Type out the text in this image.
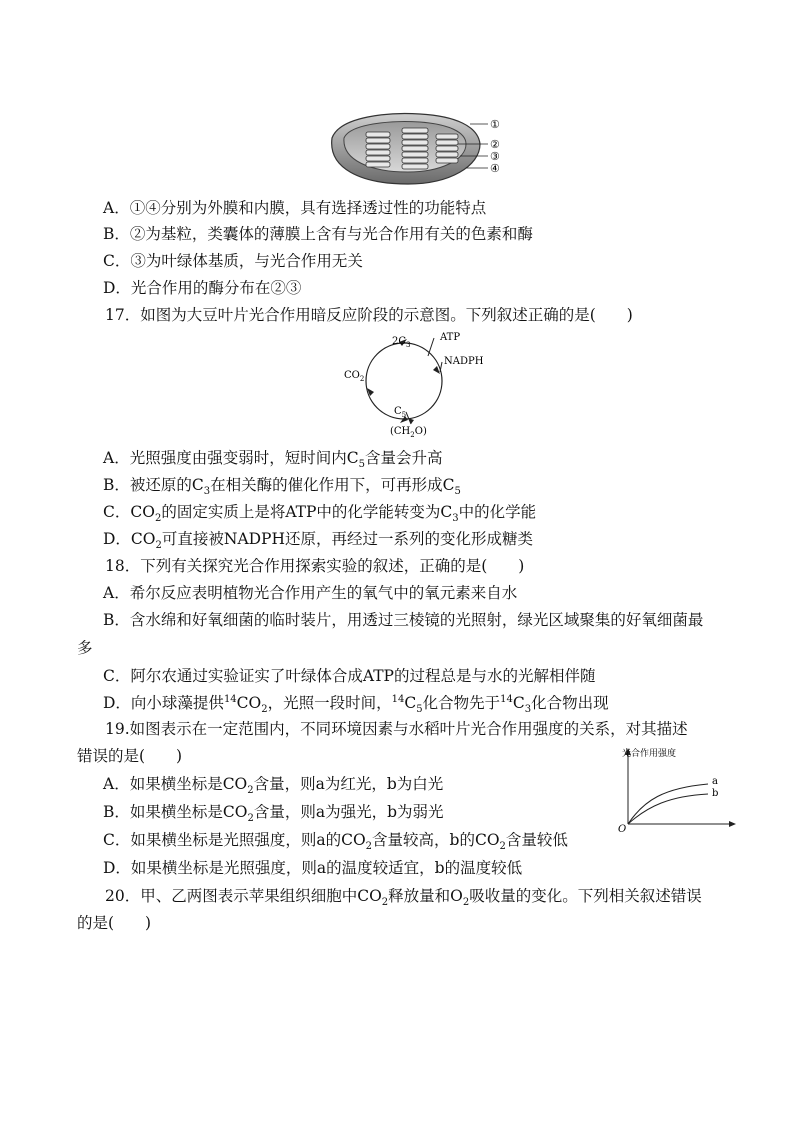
①
②
③
④
A．①④分别为外膜和内膜，具有选择透过性的功能特点
B．②为基粒，类囊体的薄膜上含有与光合作用有关的色素和酶
C．③为叶绿体基质，与光合作用无关
D．光合作用的酶分布在②③
17．如图为大豆叶片光合作用暗反应阶段的示意图。下列叙述正确的是(　　)
$2C_3$
ATP
NADPH
$CO_2$
$C_5$
$(CH_2O)$
A．光照强度由强变弱时，短时间内$C_5$含量会升高
B．被还原的$C_3$在相关酶的催化作用下，可再形成$C_5$
C．$CO_2$的固定实质上是将ATP中的化学能转变为$C_3$中的化学能
D．$CO_2$可直接被NADPH还原，再经过一系列的变化形成糖类
18．下列有关探究光合作用探索实验的叙述，正确的是(　　)
A．希尔反应表明植物光合作用产生的氧气中的氧元素来自水
B．含水绵和好氧细菌的临时装片，用透过三棱镜的光照射，绿光区域聚集的好氧细菌最
多
C．阿尔农通过实验证实了叶绿体合成ATP的过程总是与水的光解相伴随
D．向小球藻提供$^{14}CO_2$，光照一段时间，$^{14}C_5$化合物先于$^{14}C_3$化合物出现
19.如图表示在一定范围内，不同环境因素与水稻叶片光合作用强度的关系，对其描述
错误的是(　　)	光合作用强度
O
a
b
A．如果横坐标是$CO_2$含量，则a为红光，b为白光
B．如果横坐标是$CO_2$含量，则a为强光，b为弱光
C．如果横坐标是光照强度，则a的$CO_2$含量较高，b的$CO_2$含量较低
D．如果横坐标是光照强度，则a的温度较适宜，b的温度较低
20．甲、乙两图表示苹果组织细胞中$CO_2$释放量和$O_2$吸收量的变化。下列相关叙述错误
的是(　　)
